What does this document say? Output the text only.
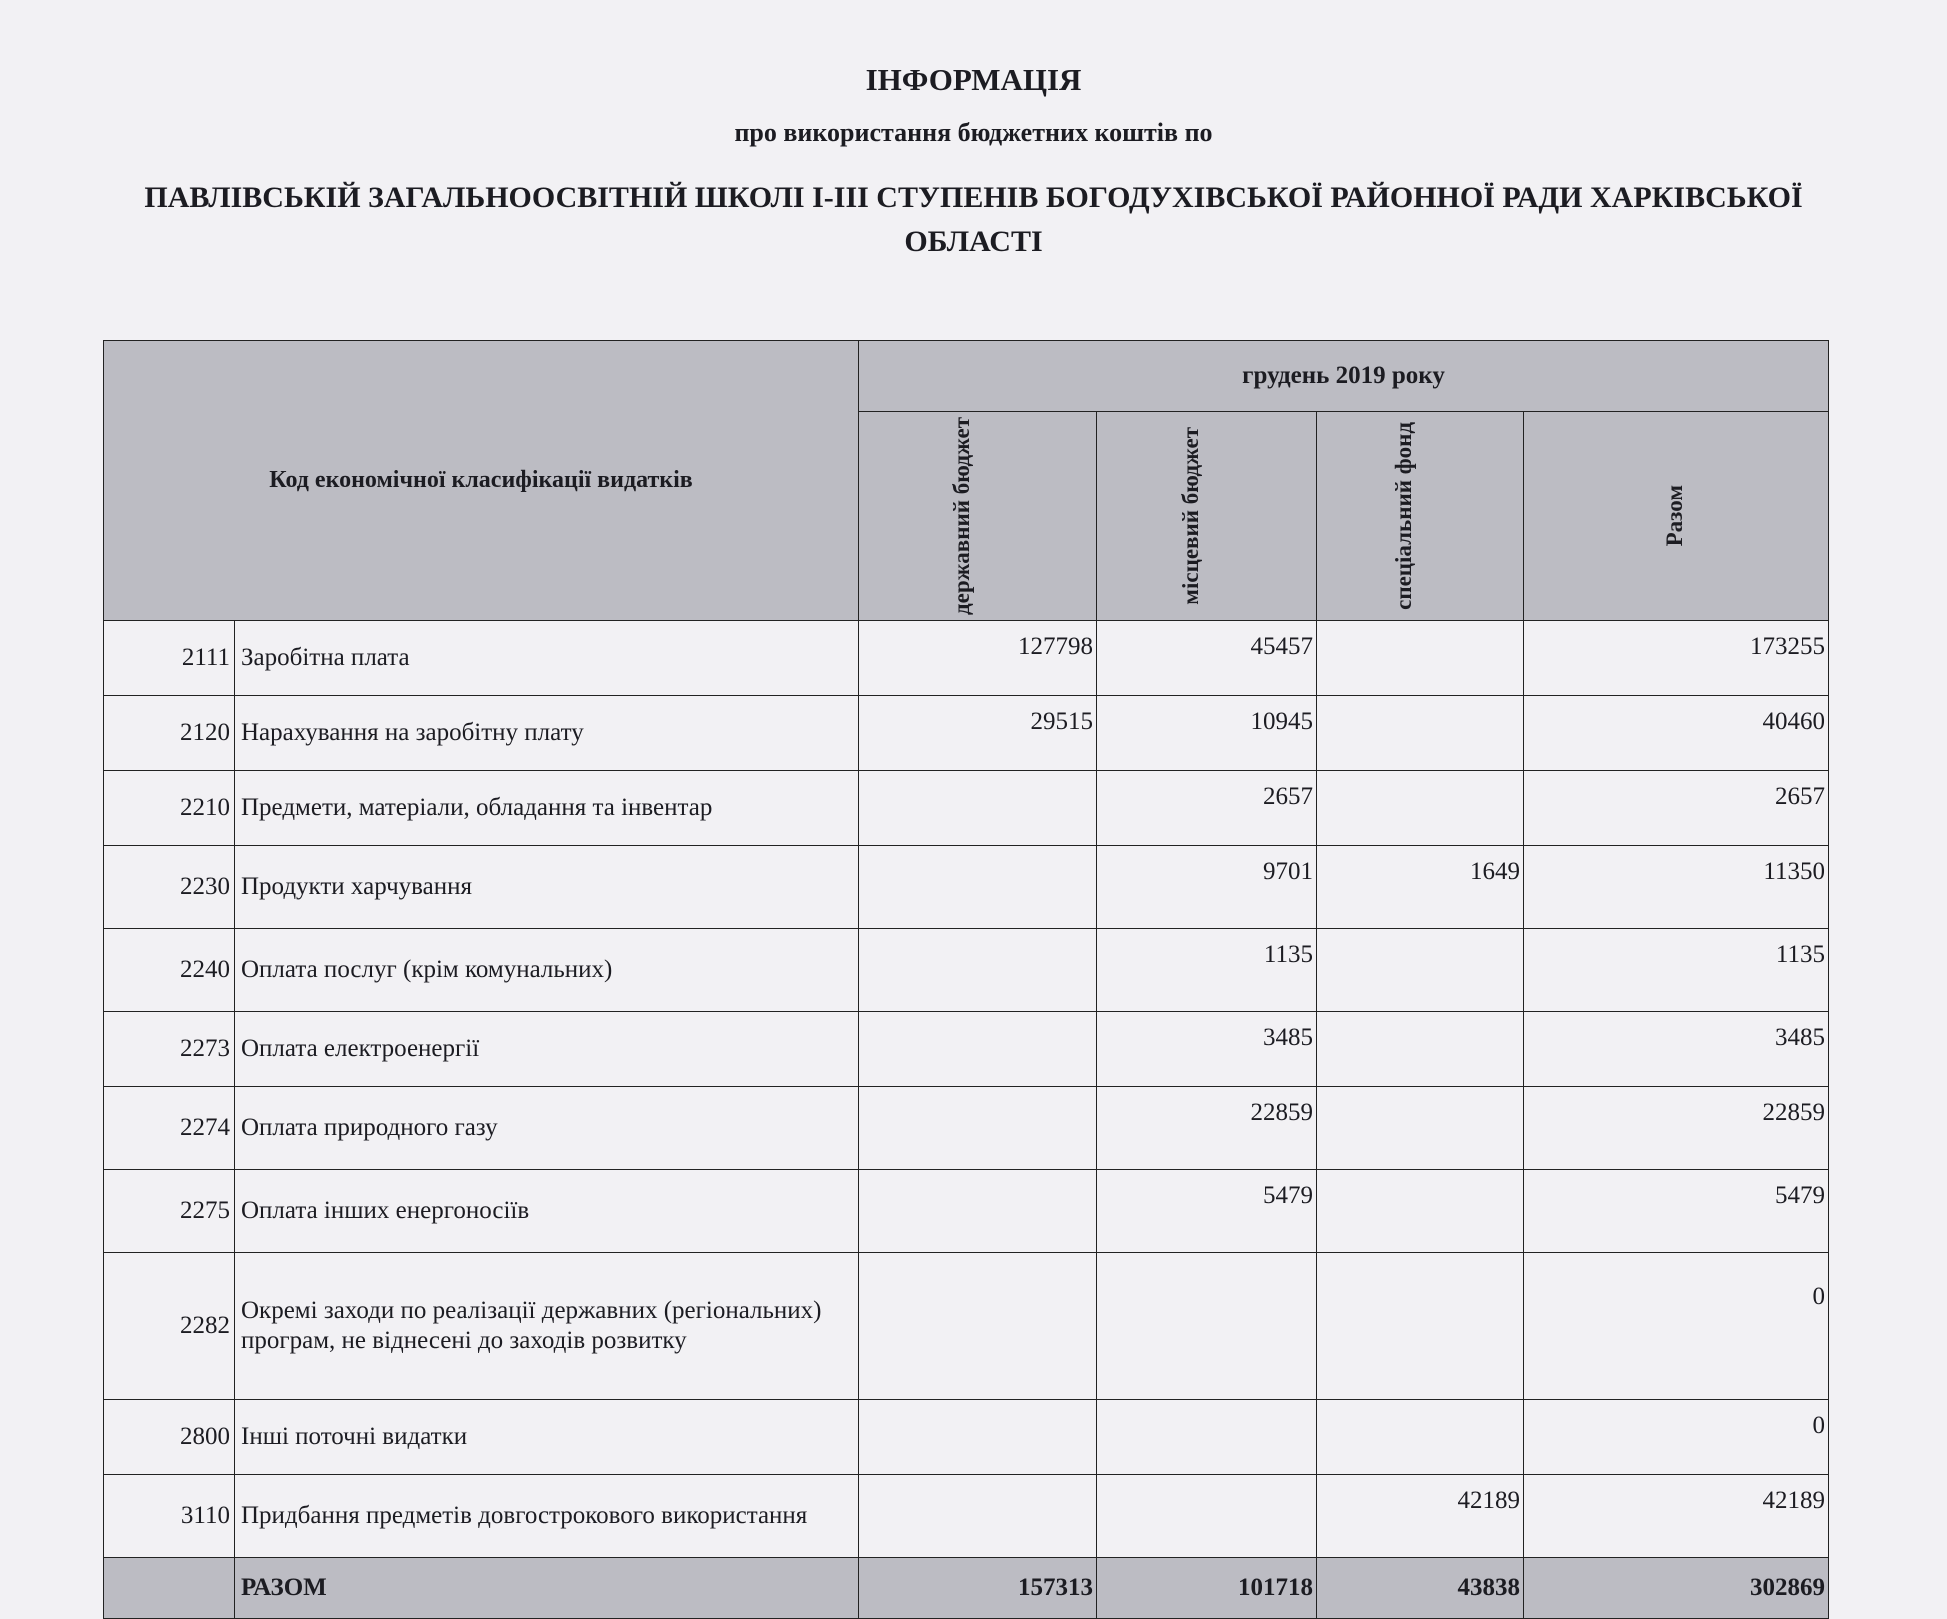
ІНФОРМАЦІЯ
про використання бюджетних коштів по
ПАВЛІВСЬКІЙ ЗАГАЛЬНООСВІТНІЙ ШКОЛІ І-ІІІ СТУПЕНІВ БОГОДУХІВСЬКОЇ РАЙОННОЇ РАДИ ХАРКІВСЬКОЇ ОБЛАСТІ
Код економічної класифікації видатків		грудень 2019 року			

		державний бюджет	місцевий бюджет	спеціальний фонд	Разом

2111	Заробітна плата	127798	45457		173255
2120	Нарахування на заробітну плату	29515	10945		40460
2210	Предмети, матеріали, обладання та інвентар		2657		2657
2230	Продукти харчування		9701	1649	11350
2240	Оплата послуг (крім комунальних)		1135		1135
2273	Оплата електроенергії		3485		3485
2274	Оплата природного газу		22859		22859
2275	Оплата інших енергоносіїв		5479		5479
2282	Окремі заходи по реалізації державних (регіональних) програм, не віднесені до заходів розвитку				0
2800	Інші поточні видатки				0
3110	Придбання предметів довгострокового використання			42189	42189
	РАЗОМ	157313	101718	43838	302869
